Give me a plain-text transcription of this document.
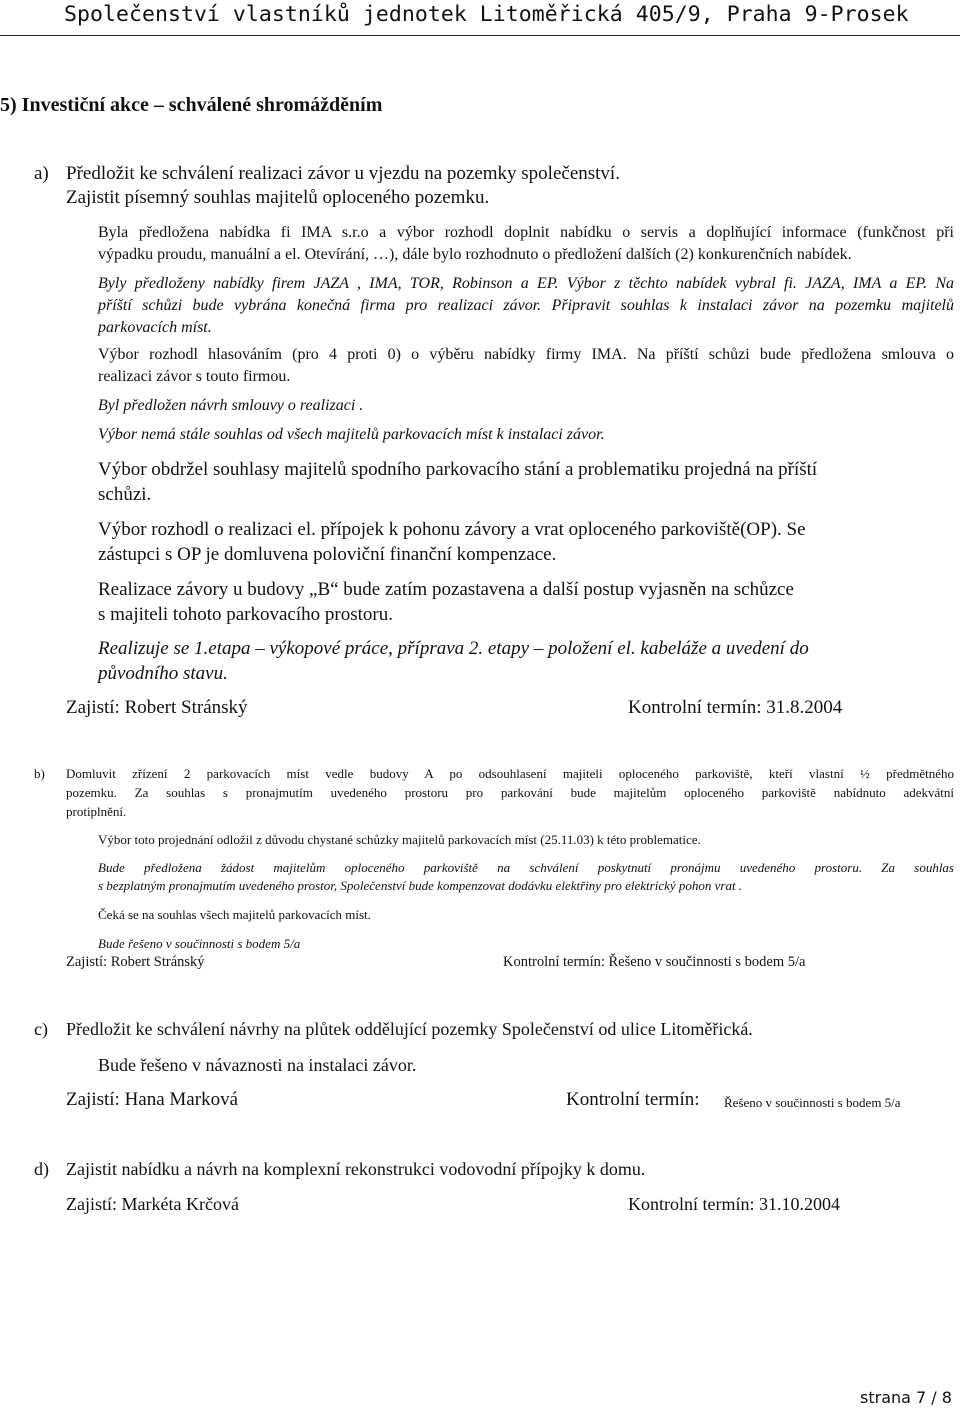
Společenství vlastníků jednotek Litoměřická 405/9, Praha 9-Prosek
5) Investiční akce – schválené shromážděním
a) Předložit ke schválení realizaci závor u vjezdu na pozemky společenství.
Zajistit písemný souhlas majitelů oploceného pozemku.
Byla předložena nabídka fi IMA s.r.o a výbor rozhodl doplnit nabídku o servis a doplňující informace (funkčnost při
výpadku proudu, manuální a el. Otevírání, …), dále bylo rozhodnuto o předložení dalších (2) konkurenčních nabídek.
Byly předloženy nabídky firem JAZA , IMA, TOR, Robinson a EP. Výbor z těchto nabídek vybral fi. JAZA, IMA a EP. Na
příští schůzi bude vybrána konečná firma pro realizaci závor. Připravit souhlas k instalaci závor na pozemku majitelů
parkovacích míst.
Výbor rozhodl hlasováním (pro 4 proti 0) o výběru nabídky firmy IMA. Na příští schůzi bude předložena smlouva o
realizaci závor s touto firmou.
Byl předložen návrh smlouvy o realizaci .
Výbor nemá stále souhlas od všech majitelů parkovacích míst k instalaci závor.
Výbor obdržel souhlasy majitelů spodního parkovacího stání a problematiku projedná na příští
schůzi.
Výbor rozhodl o realizaci el. přípojek k pohonu závory a vrat oploceného parkoviště(OP). Se
zástupci s OP je domluvena poloviční finanční kompenzace.
Realizace závory u budovy „B“ bude zatím pozastavena a další postup vyjasněn na schůzce
s majiteli tohoto parkovacího prostoru.
Realizuje se 1.etapa – výkopové práce, příprava 2. etapy – položení el. kabeláže a uvedení do
původního stavu.
Zajistí: Robert Stránský	Kontrolní termín: 31.8.2004
b) Domluvit zřízení 2 parkovacích míst vedle budovy A po odsouhlasení majiteli oploceného parkoviště, kteří vlastní ½ předmětného
pozemku. Za souhlas s pronajmutím uvedeného prostoru pro parkování bude majitelům oploceného parkoviště nabídnuto adekvátní
protiplnění.
Výbor toto projednání odložil z důvodu chystané schůzky majitelů parkovacích míst (25.11.03) k této problematice.
Bude předložena žádost majitelům oploceného parkoviště na schválení poskytnutí pronájmu uvedeného prostoru. Za souhlas
s bezplatným pronajmutím uvedeného prostor, Společenství bude kompenzovat dodávku elektřiny pro elektrický pohon vrat .
Čeká se na souhlas všech majitelů parkovacích míst.
Bude řešeno v součinnosti s bodem 5/a
Zajistí: Robert Stránský	Kontrolní termín: Řešeno v součinnosti s bodem 5/a
c) Předložit ke schválení návrhy na plůtek oddělující pozemky Společenství od ulice Litoměřická.
Bude řešeno v návaznosti na instalaci závor.
Zajistí: Hana Marková	Kontrolní termín: Řešeno v součinnosti s bodem 5/a
d) Zajistit nabídku a návrh na komplexní rekonstrukci vodovodní přípojky k domu.
Zajistí: Markéta Krčová	Kontrolní termín: 31.10.2004
strana 7 / 8
